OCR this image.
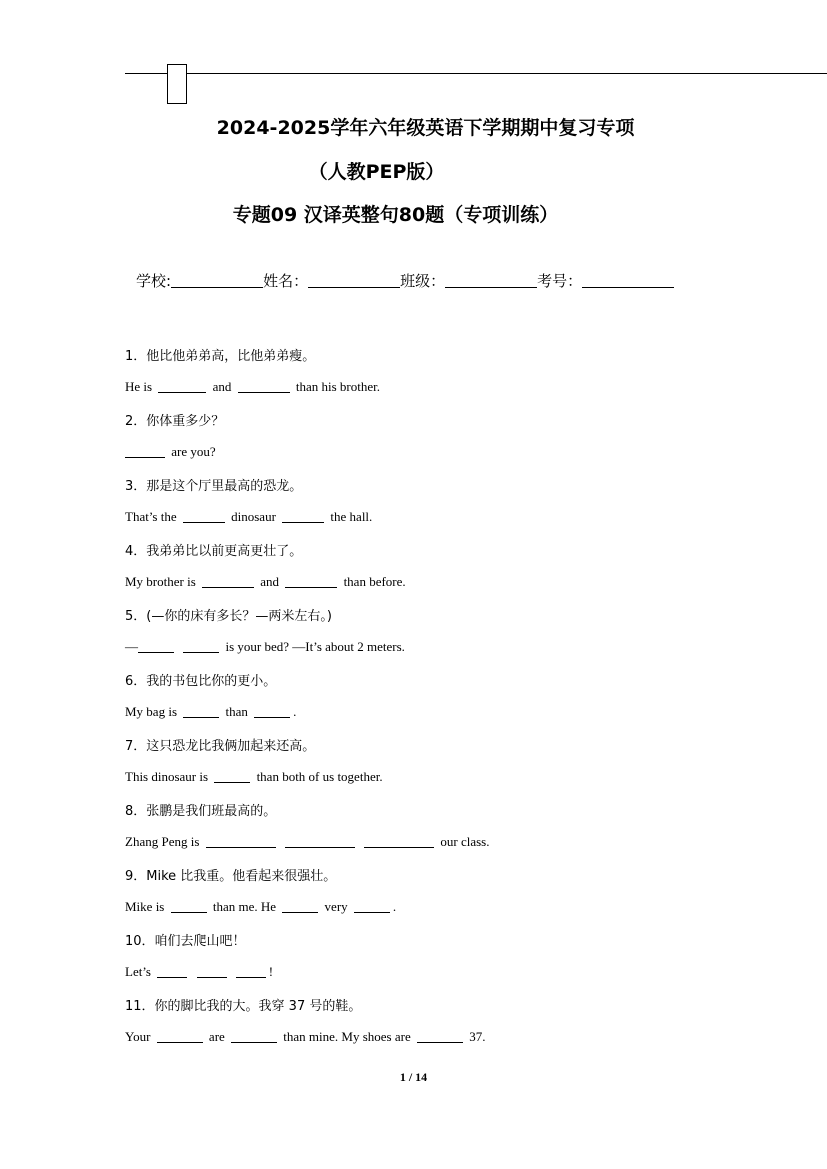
2024-2025学年六年级英语下学期期中复习专项
（人教PEP版）
专题09 汉译英整句80题（专项训练）
学校:	姓名：	班级：	考号：
1．他比他弟弟高，比他弟弟瘦。
He is	and	than his brother.
2．你体重多少？
are you?
3．那是这个厅里最高的恐龙。
That’s the	dinosaur	the hall.
4．我弟弟比以前更高更壮了。
My brother is	and	than before.
5．(—你的床有多长？—两米左右。)
—	is your bed? —It’s about 2 meters.
6．我的书包比你的更小。
My bag is	than	.
7．这只恐龙比我俩加起来还高。
This dinosaur is	than both of us together.
8．张鹏是我们班最高的。
Zhang Peng is	our class.
9．Mike 比我重。他看起来很强壮。
Mike is	than me. He	very	.
10．咱们去爬山吧！
Let’s	!
11．你的脚比我的大。我穿 37 号的鞋。
Your	are	than mine. My shoes are	37.
1 / 14
